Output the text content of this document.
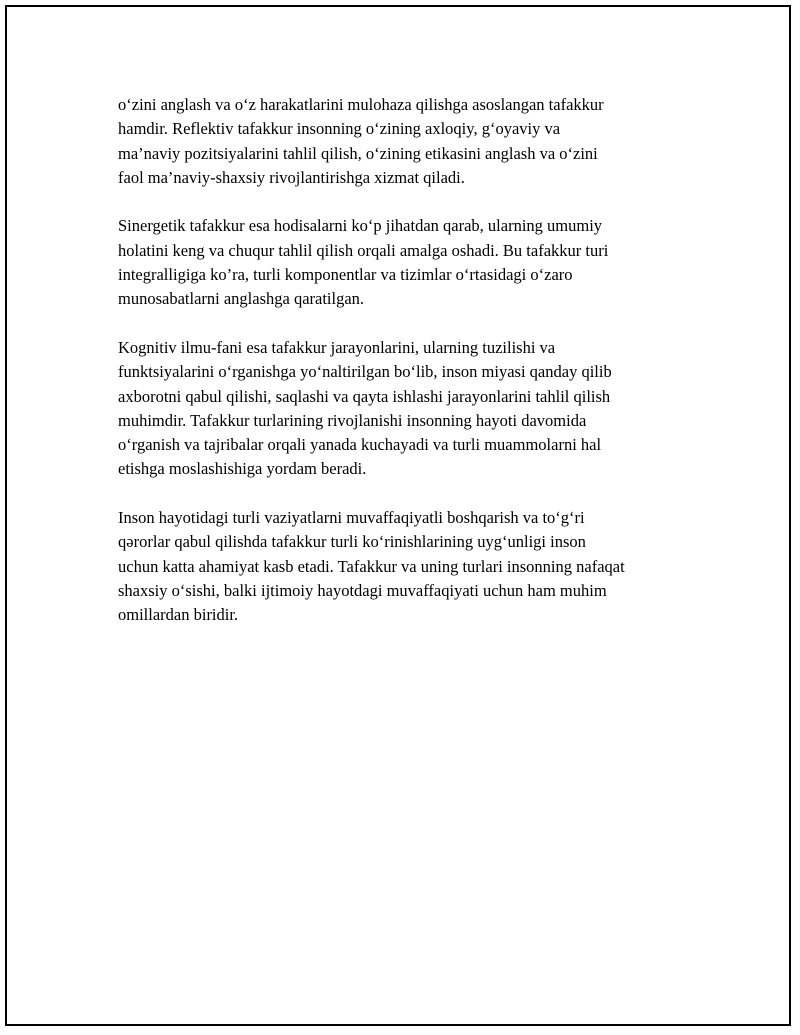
o‘zini anglash va o‘z harakatlarini mulohaza qilishga asoslangan tafakkur
hamdir. Reflektiv tafakkur insonning o‘zining axloqiy, g‘oyaviy va
ma’naviy pozitsiyalarini tahlil qilish, o‘zining etikasini anglash va o‘zini
faol ma’naviy-shaxsiy rivojlantirishga xizmat qiladi.

Sinergetik tafakkur esa hodisalarni ko‘p jihatdan qarab, ularning umumiy
holatini keng va chuqur tahlil qilish orqali amalga oshadi. Bu tafakkur turi
integralligiga ko’ra, turli komponentlar va tizimlar o‘rtasidagi o‘zaro
munosabatlarni anglashga qaratilgan.

Kognitiv ilmu-fani esa tafakkur jarayonlarini, ularning tuzilishi va
funktsiyalarini o‘rganishga yo‘naltirilgan bo‘lib, inson miyasi qanday qilib
axborotni qabul qilishi, saqlashi va qayta ishlashi jarayonlarini tahlil qilish
muhimdir. Tafakkur turlarining rivojlanishi insonning hayoti davomida
o‘rganish va tajribalar orqali yanada kuchayadi va turli muammolarni hal
etishga moslashishiga yordam beradi.

Inson hayotidagi turli vaziyatlarni muvaffaqiyatli boshqarish va to‘g‘ri
qərorlar qabul qilishda tafakkur turli ko‘rinishlarining uyg‘unligi inson
uchun katta ahamiyat kasb etadi. Tafakkur va uning turlari insonning nafaqat
shaxsiy o‘sishi, balki ijtimoiy hayotdagi muvaffaqiyati uchun ham muhim
omillardan biridir.
